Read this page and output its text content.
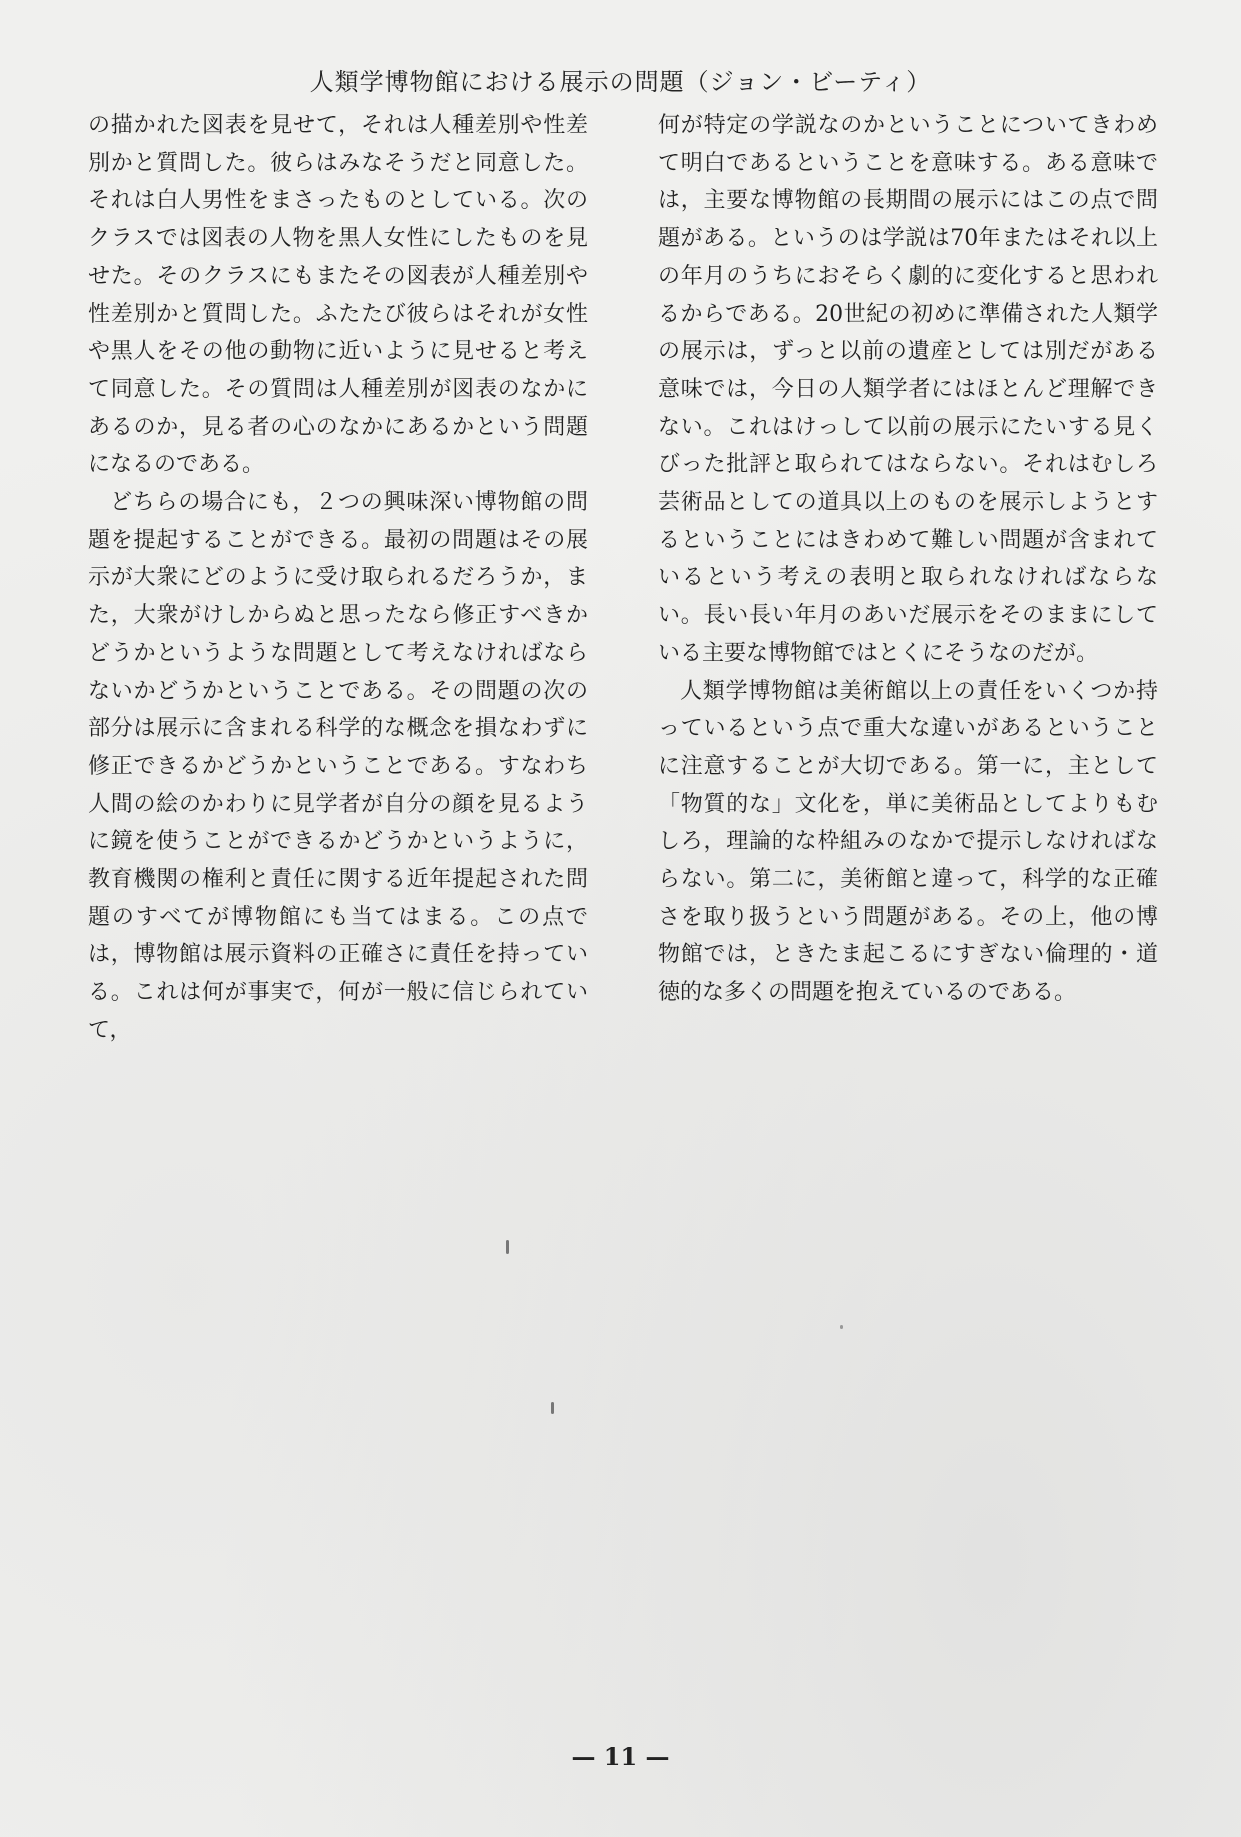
人類学博物館における展示の問題（ジョン・ビーティ）

の描かれた図表を見せて，それは人種差別や性差別かと質問した。彼らはみなそうだと同意した。それは白人男性をまさったものとしている。次のクラスでは図表の人物を黒人女性にしたものを見せた。そのクラスにもまたその図表が人種差別や性差別かと質問した。ふたたび彼らはそれが女性や黒人をその他の動物に近いように見せると考えて同意した。その質問は人種差別が図表のなかにあるのか，見る者の心のなかにあるかという問題になるのである。

どちらの場合にも，２つの興味深い博物館の問題を提起することができる。最初の問題はその展示が大衆にどのように受け取られるだろうか，また，大衆がけしからぬと思ったなら修正すべきかどうかというような問題として考えなければならないかどうかということである。その問題の次の部分は展示に含まれる科学的な概念を損なわずに修正できるかどうかということである。すなわち人間の絵のかわりに見学者が自分の顔を見るように鏡を使うことができるかどうかというように，教育機関の権利と責任に関する近年提起された問題のすべてが博物館にも当てはまる。この点では，博物館は展示資料の正確さに責任を持っている。これは何が事実で，何が一般に信じられていて，

何が特定の学説なのかということについてきわめて明白であるということを意味する。ある意味では，主要な博物館の長期間の展示にはこの点で問題がある。というのは学説は70年またはそれ以上の年月のうちにおそらく劇的に変化すると思われるからである。20世紀の初めに準備された人類学の展示は，ずっと以前の遺産としては別だがある意味では，今日の人類学者にはほとんど理解できない。これはけっして以前の展示にたいする見くびった批評と取られてはならない。それはむしろ芸術品としての道具以上のものを展示しようとするということにはきわめて難しい問題が含まれているという考えの表明と取られなければならない。長い長い年月のあいだ展示をそのままにしている主要な博物館ではとくにそうなのだが。

人類学博物館は美術館以上の責任をいくつか持っているという点で重大な違いがあるということに注意することが大切である。第一に，主として「物質的な」文化を，単に美術品としてよりもむしろ，理論的な枠組みのなかで提示しなければならない。第二に，美術館と違って，科学的な正確さを取り扱うという問題がある。その上，他の博物館では，ときたま起こるにすぎない倫理的・道徳的な多くの問題を抱えているのである。

— 11 —
